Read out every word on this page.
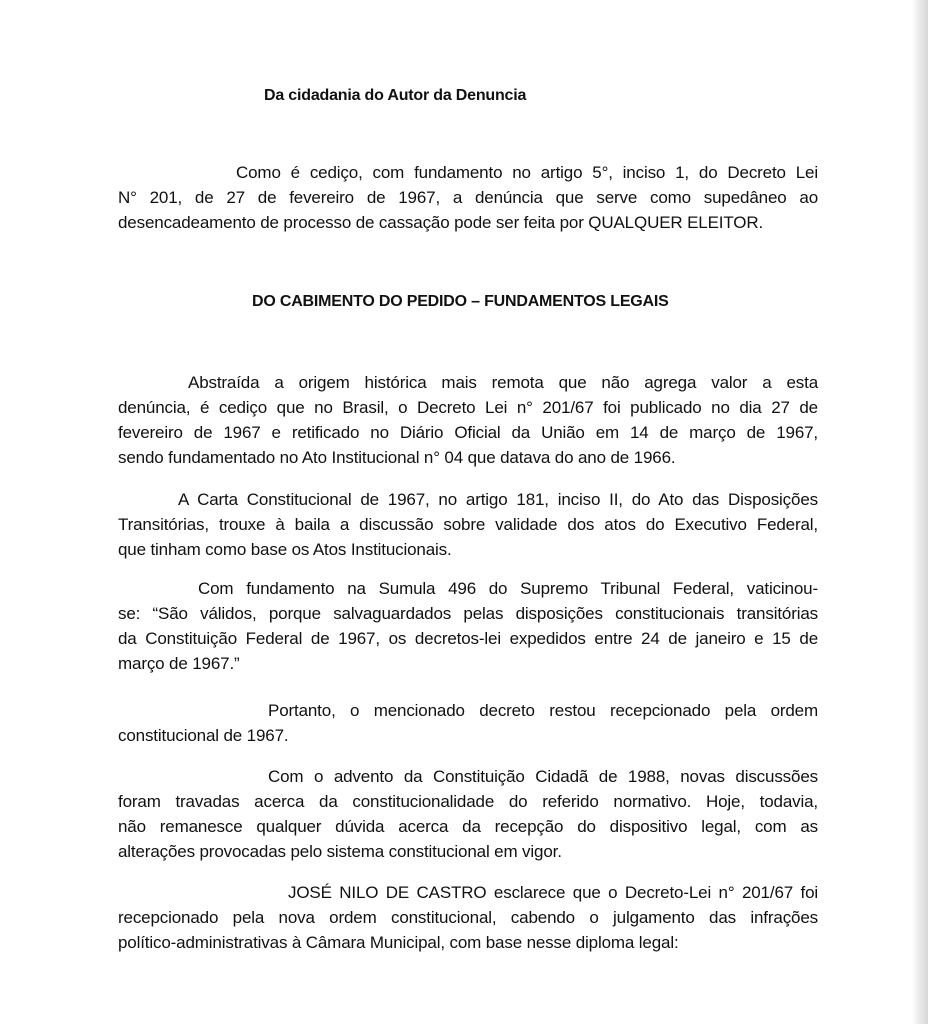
Da cidadania do Autor da Denuncia
Como é cediço, com fundamento no artigo 5°, inciso 1, do Decreto Lei
N° 201, de 27 de fevereiro de 1967, a denúncia que serve como supedâneo ao
desencadeamento de processo de cassação pode ser feita por QUALQUER ELEITOR.
DO CABIMENTO DO PEDIDO – FUNDAMENTOS LEGAIS
Abstraída a origem histórica mais remota que não agrega valor a esta
denúncia, é cediço que no Brasil, o Decreto Lei n° 201/67 foi publicado no dia 27 de
fevereiro de 1967 e retificado no Diário Oficial da União em 14 de março de 1967,
sendo fundamentado no Ato Institucional n° 04 que datava do ano de 1966.
A Carta Constitucional de 1967, no artigo 181, inciso II, do Ato das Disposições
Transitórias, trouxe à baila a discussão sobre validade dos atos do Executivo Federal,
que tinham como base os Atos Institucionais.
Com fundamento na Sumula 496 do Supremo Tribunal Federal, vaticinou-
se: “São válidos, porque salvaguardados pelas disposições constitucionais transitórias
da Constituição Federal de 1967, os decretos-lei expedidos entre 24 de janeiro e 15 de
março de 1967.”
Portanto, o mencionado decreto restou recepcionado pela ordem
constitucional de 1967.
Com o advento da Constituição Cidadã de 1988, novas discussões
foram travadas acerca da constitucionalidade do referido normativo. Hoje, todavia,
não remanesce qualquer dúvida acerca da recepção do dispositivo legal, com as
alterações provocadas pelo sistema constitucional em vigor.
JOSÉ NILO DE CASTRO esclarece que o Decreto-Lei n° 201/67 foi
recepcionado pela nova ordem constitucional, cabendo o julgamento das infrações
político-administrativas à Câmara Municipal, com base nesse diploma legal:
